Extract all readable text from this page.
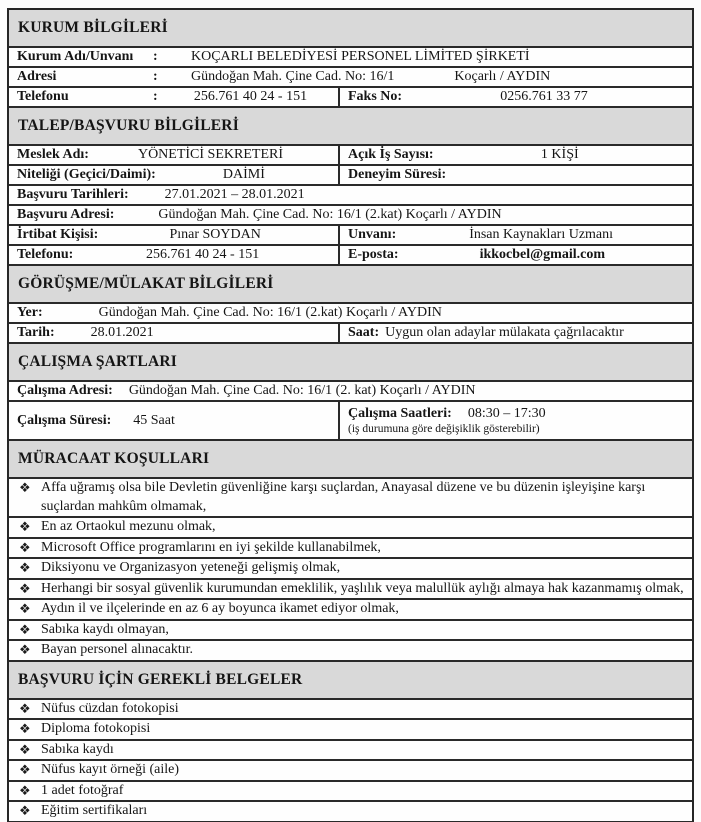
KURUM BİLGİLERİ
Kurum Adı/Unvanı	:	KOÇARLI BELEDİYESİ PERSONEL LİMİTED ŞİRKETİ
Adresi	:	Gündoğan Mah. Çine Cad. No: 16/1	Koçarlı / AYDIN
Telefonu	:	256.761 40 24 - 151	Faks No:	0256.761 33 77
TALEP/BAŞVURU BİLGİLERİ
Meslek Adı:	YÖNETİCİ SEKRETERİ	Açık İş Sayısı:	1 KİŞİ
Niteliği (Geçici/Daimi):	DAİMİ	Deneyim Süresi:
Başvuru Tarihleri:	27.01.2021 – 28.01.2021
Başvuru Adresi:	Gündoğan Mah. Çine Cad. No: 16/1 (2.kat) Koçarlı / AYDIN
İrtibat Kişisi:	Pınar SOYDAN	Unvanı:	İnsan Kaynakları Uzmanı
Telefonu:	256.761 40 24 - 151	E-posta:	ikkocbel@gmail.com
GÖRÜŞME/MÜLAKAT BİLGİLERİ
Yer:	Gündoğan Mah. Çine Cad. No: 16/1 (2.kat) Koçarlı / AYDIN
Tarih:	28.01.2021	Saat: Uygun olan adaylar mülakata çağrılacaktır
ÇALIŞMA ŞARTLARI
Çalışma Adresi: Gündoğan Mah. Çine Cad. No: 16/1 (2. kat) Koçarlı / AYDIN
Çalışma Süresi: 45 Saat	Çalışma Saatleri: 08:30 – 17:30
(iş durumuna göre değişiklik gösterebilir)
MÜRACAAT KOŞULLARI
❖ Affa uğramış olsa bile Devletin güvenliğine karşı suçlardan, Anayasal düzene ve bu düzenin işleyişine karşı suçlardan mahkûm olmamak,
❖ En az Ortaokul mezunu olmak,
❖ Microsoft Office programlarını en iyi şekilde kullanabilmek,
❖ Diksiyonu ve Organizasyon yeteneği gelişmiş olmak,
❖ Herhangi bir sosyal güvenlik kurumundan emeklilik, yaşlılık veya malullük aylığı almaya hak kazanmamış olmak,
❖ Aydın il ve ilçelerinde en az 6 ay boyunca ikamet ediyor olmak,
❖ Sabıka kaydı olmayan,
❖ Bayan personel alınacaktır.
BAŞVURU İÇİN GEREKLİ BELGELER
❖ Nüfus cüzdan fotokopisi
❖ Diploma fotokopisi
❖ Sabıka kaydı
❖ Nüfus kayıt örneği (aile)
❖ 1 adet fotoğraf
❖ Eğitim sertifikaları
